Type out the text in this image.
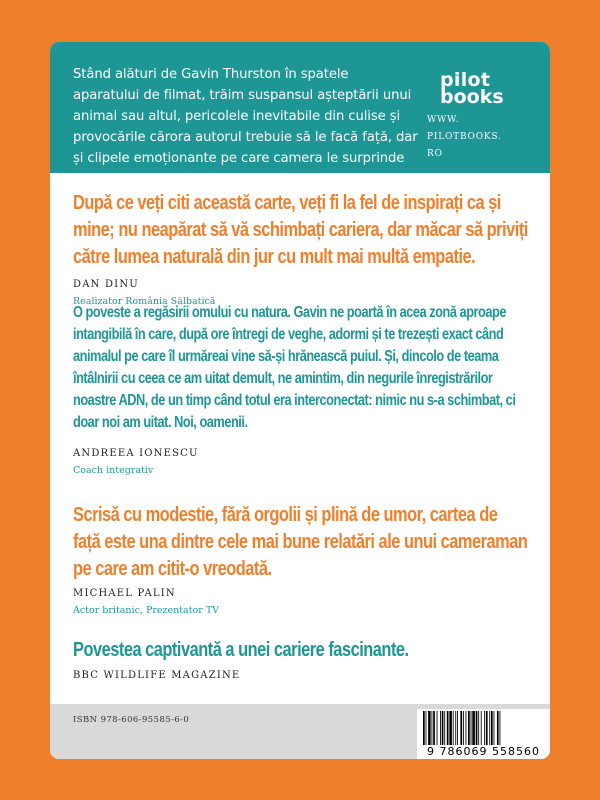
Stând alături de Gavin Thurston în spatele aparatului de filmat, trăim suspansul așteptării unui animal sau altul, pericolele inevitabile din culise și provocările cărora autorul trebuie să le facă față, dar și clipele emoționante pe care camera le surprinde sau, la fel de bine, le ratează.
pilot
books
WWW.
PILOTBOOKS.
RO
După ce veți citi această carte, veți fi la fel de inspirați ca și mine; nu neapărat să vă schimbați cariera, dar măcar să priviți către lumea naturală din jur cu mult mai multă empatie.
DAN DINU
Realizator România Sălbatică
O poveste a regăsirii omului cu natura. Gavin ne poartă în acea zonă aproape intangibilă în care, după ore întregi de veghe, adormi și te trezești exact când animalul pe care îl urmăreai vine să-și hrănească puiul. Și, dincolo de teama întâlnirii cu ceea ce am uitat demult, ne amintim, din negurile înregistrărilor noastre ADN, de un timp când totul era interconectat: nimic nu s-a schimbat, ci doar noi am uitat. Noi, oamenii.
ANDREEA IONESCU
Coach integrativ
Scrisă cu modestie, fără orgolii și plină de umor, cartea de față este una dintre cele mai bune relatări ale unui cameraman pe care am citit-o vreodată.
MICHAEL PALIN
Actor britanic, Prezentator TV
Povestea captivantă a unei cariere fascinante.
BBC WILDLIFE MAGAZINE
ISBN 978-606-95585-6-0
9 786069 558560
